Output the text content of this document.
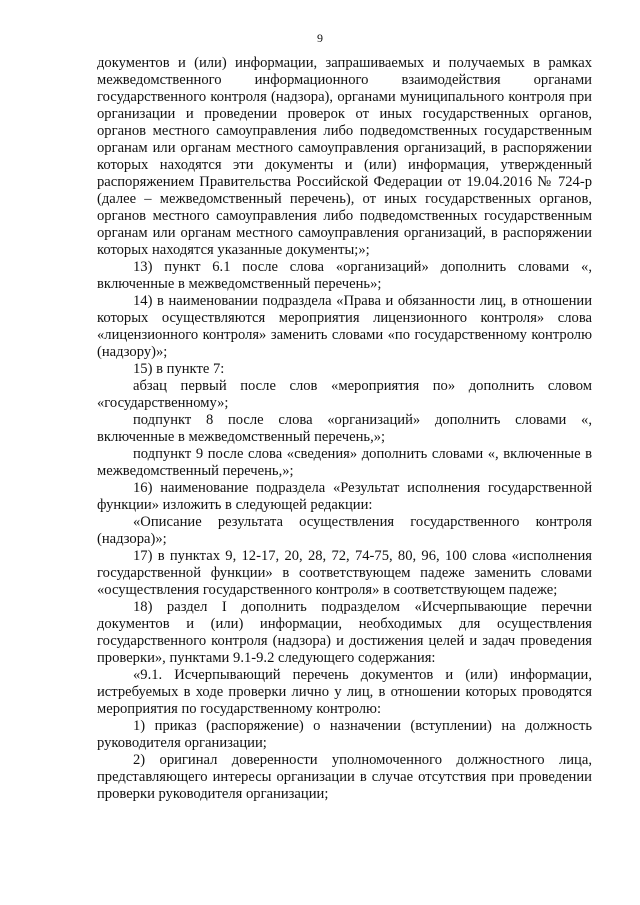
9

документов и (или) информации, запрашиваемых и получаемых в рамках межведомственного информационного взаимодействия органами государственного контроля (надзора), органами муниципального контроля при организации и проведении проверок от иных государственных органов, органов местного самоуправления либо подведомственных государственным органам или органам местного самоуправления организаций, в распоряжении которых находятся эти документы и (или) информация, утвержденный распоряжением Правительства Российской Федерации от 19.04.2016 № 724-р (далее – межведомственный перечень), от иных государственных органов, органов местного самоуправления либо подведомственных государственным органам или органам местного самоуправления организаций, в распоряжении которых находятся указанные документы;»;

13) пункт 6.1 после слова «организаций» дополнить словами «, включенные в межведомственный перечень»;

14) в наименовании подраздела «Права и обязанности лиц, в отношении которых осуществляются мероприятия лицензионного контроля» слова «лицензионного контроля» заменить словами «по государственному контролю (надзору)»;

15) в пункте 7:

абзац первый после слов «мероприятия по» дополнить словом «государственному»;

подпункт 8 после слова «организаций» дополнить словами «, включенные в межведомственный перечень,»;

подпункт 9 после слова «сведения» дополнить словами «, включенные в межведомственный перечень,»;

16) наименование подраздела «Результат исполнения государственной функции» изложить в следующей редакции:

«Описание результата осуществления государственного контроля (надзора)»;

17) в пунктах 9, 12-17, 20, 28, 72, 74-75, 80, 96, 100 слова «исполнения государственной функции» в соответствующем падеже заменить словами «осуществления государственного контроля» в соответствующем падеже;

18) раздел I дополнить подразделом «Исчерпывающие перечни документов и (или) информации, необходимых для осуществления государственного контроля (надзора) и достижения целей и задач проведения проверки», пунктами 9.1-9.2 следующего содержания:

«9.1. Исчерпывающий перечень документов и (или) информации, истребуемых в ходе проверки лично у лиц, в отношении которых проводятся мероприятия по государственному контролю:

1) приказ (распоряжение) о назначении (вступлении) на должность руководителя организации;

2) оригинал доверенности уполномоченного должностного лица, представляющего интересы организации в случае отсутствия при проведении проверки руководителя организации;
